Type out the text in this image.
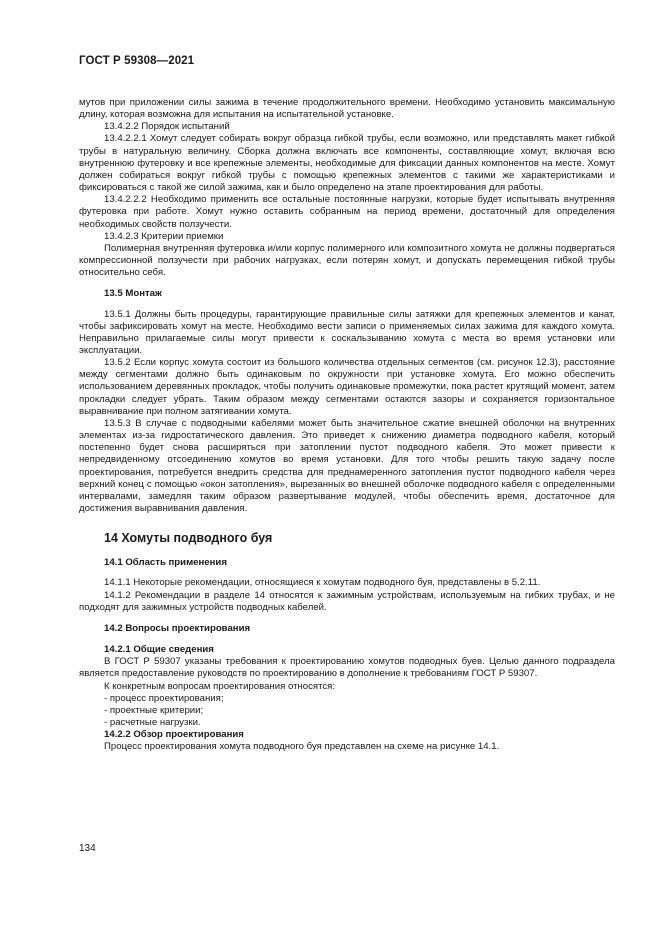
ГОСТ Р 59308—2021

мутов при приложении силы зажима в течение продолжительного времени. Необходимо установить максимальную длину, которая возможна для испытания на испытательной установке.

13.4.2.2 Порядок испытаний

13.4.2.2.1 Хомут следует собирать вокруг образца гибкой трубы, если возможно, или представлять макет гибкой трубы в натуральную величину. Сборка должна включать все компоненты, составляющие хомут, включая всю внутреннюю футеровку и все крепежные элементы, необходимые для фиксации данных компонентов на месте. Хомут должен собираться вокруг гибкой трубы с помощью крепежных элементов с такими же характеристиками и фиксироваться с такой же силой зажима, как и было определено на этапе проектирования для работы.

13.4.2.2.2 Необходимо применить все остальные постоянные нагрузки, которые будет испытывать внутренняя футеровка при работе. Хомут нужно оставить собранным на период времени, достаточный для определения необходимых свойств ползучести.

13.4.2.3 Критерии приемки

Полимерная внутренняя футеровка и/или корпус полимерного или композитного хомута не должны подвергаться компрессионной ползучести при рабочих нагрузках, если потерян хомут, и допускать перемещения гибкой трубы относительно себя.

13.5 Монтаж

13.5.1 Должны быть процедуры, гарантирующие правильные силы затяжки для крепежных элементов и канат, чтобы зафиксировать хомут на месте. Необходимо вести записи о применяемых силах зажима для каждого хомута. Неправильно прилагаемые силы могут привести к соскальзыванию хомута с места во время установки или эксплуатации.

13.5.2 Если корпус хомута состоит из большого количества отдельных сегментов (см. рисунок 12.3), расстояние между сегментами должно быть одинаковым по окружности при установке хомута. Его можно обеспечить использованием деревянных прокладок, чтобы получить одинаковые промежутки, пока растет крутящий момент, затем прокладки следует убрать. Таким образом между сегментами остаются зазоры и сохраняется горизонтальное выравнивание при полном затягивании хомута.

13.5.3 В случае с подводными кабелями может быть значительное сжатие внешней оболочки на внутренних элементах из-за гидростатического давления. Это приведет к снижению диаметра подводного кабеля, который постепенно будет снова расширяться при затоплении пустот подводного кабеля. Это может привести к непредвиденному отсоединению хомутов во время установки. Для того чтобы решить такую задачу после проектирования, потребуется внедрить средства для преднамеренного затопления пустот подводного кабеля через верхний конец с помощью «окон затопления», вырезанных во внешней оболочке подводного кабеля с определенными интервалами, замедляя таким образом развертывание модулей, чтобы обеспечить время, достаточное для достижения выравнивания давления.

14 Хомуты подводного буя

14.1 Область применения

14.1.1 Некоторые рекомендации, относящиеся к хомутам подводного буя, представлены в 5.2.11.

14.1.2 Рекомендации в разделе 14 относятся к зажимным устройствам, используемым на гибких трубах, и не подходят для зажимных устройств подводных кабелей.

14.2 Вопросы проектирования

14.2.1 Общие сведения

В ГОСТ Р 59307 указаны требования к проектированию хомутов подводных буев. Целью данного подраздела является предоставление руководств по проектированию в дополнение к требованиям ГОСТ Р 59307.

К конкретным вопросам проектирования относятся:

- процесс проектирования;

- проектные критерии;

- расчетные нагрузки.

14.2.2 Обзор проектирования

Процесс проектирования хомута подводного буя представлен на схеме на рисунке 14.1.

134
